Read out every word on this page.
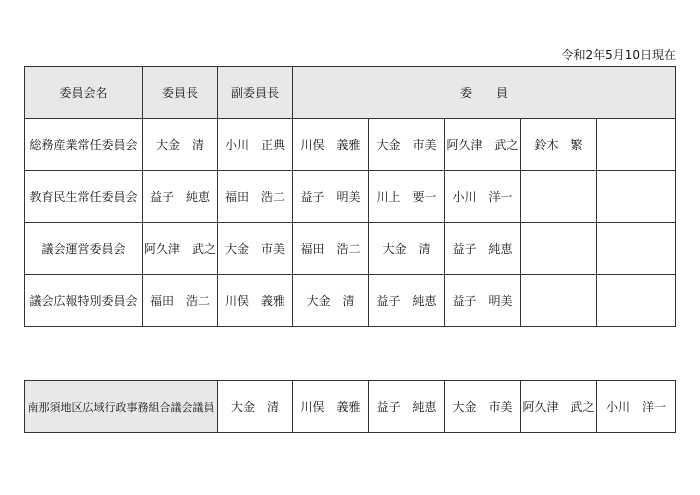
令和2年5月10日現在
委員会名	委員長	副委員長	委　　員				
総務産業常任委員会	大金　清	小川　正典	川俣　義雅	大金　市美	阿久津　武之	鈴木　繁	
教育民生常任委員会	益子　純恵	福田　浩二	益子　明美	川上　要一	小川　洋一		
議会運営委員会	阿久津　武之	大金　市美	福田　浩二	大金　清	益子　純恵		
議会広報特別委員会	福田　浩二	川俣　義雅	大金　清	益子　純恵	益子　明美		
南那須地区広域行政事務組合議会議員	大金　清	川俣　義雅	益子　純恵	大金　市美	阿久津　武之	小川　洋一
